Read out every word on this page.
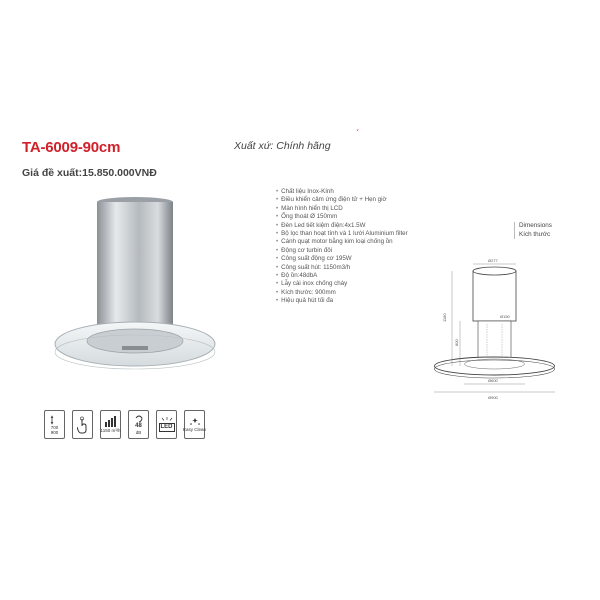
TA-6009-90cm	Xuất xứ: Chính hãng
ˊ
Giá đề xuất:15.850.000VNĐ
• Chất liệu Inox-Kính
• Điều khiển cảm ứng điện tử + Hẹn giờ
• Màn hình hiển thị LCD
• Ống thoát Ø 150mm
• Đèn Led tiết kiệm điện:4x1.5W
• Bộ lọc than hoạt tính và 1 lưới Aluminium filter
• Cánh quạt motor bằng kim loại chống ồn
• Động cơ turbin đôi
• Công suất động cơ 195W
• Công suất hút: 1150m3/h
• Độ ồn:48dbA
• Lẫy cài inox chống cháy
• Kích thước: 900mm
• Hiệu quả hút tối đa
Dimensions
Kích thước
Ø277
Ø150
1180
800
Ø600
Ø900
700
900	1150 m³/h
48
dB
LED	Easy Clean
